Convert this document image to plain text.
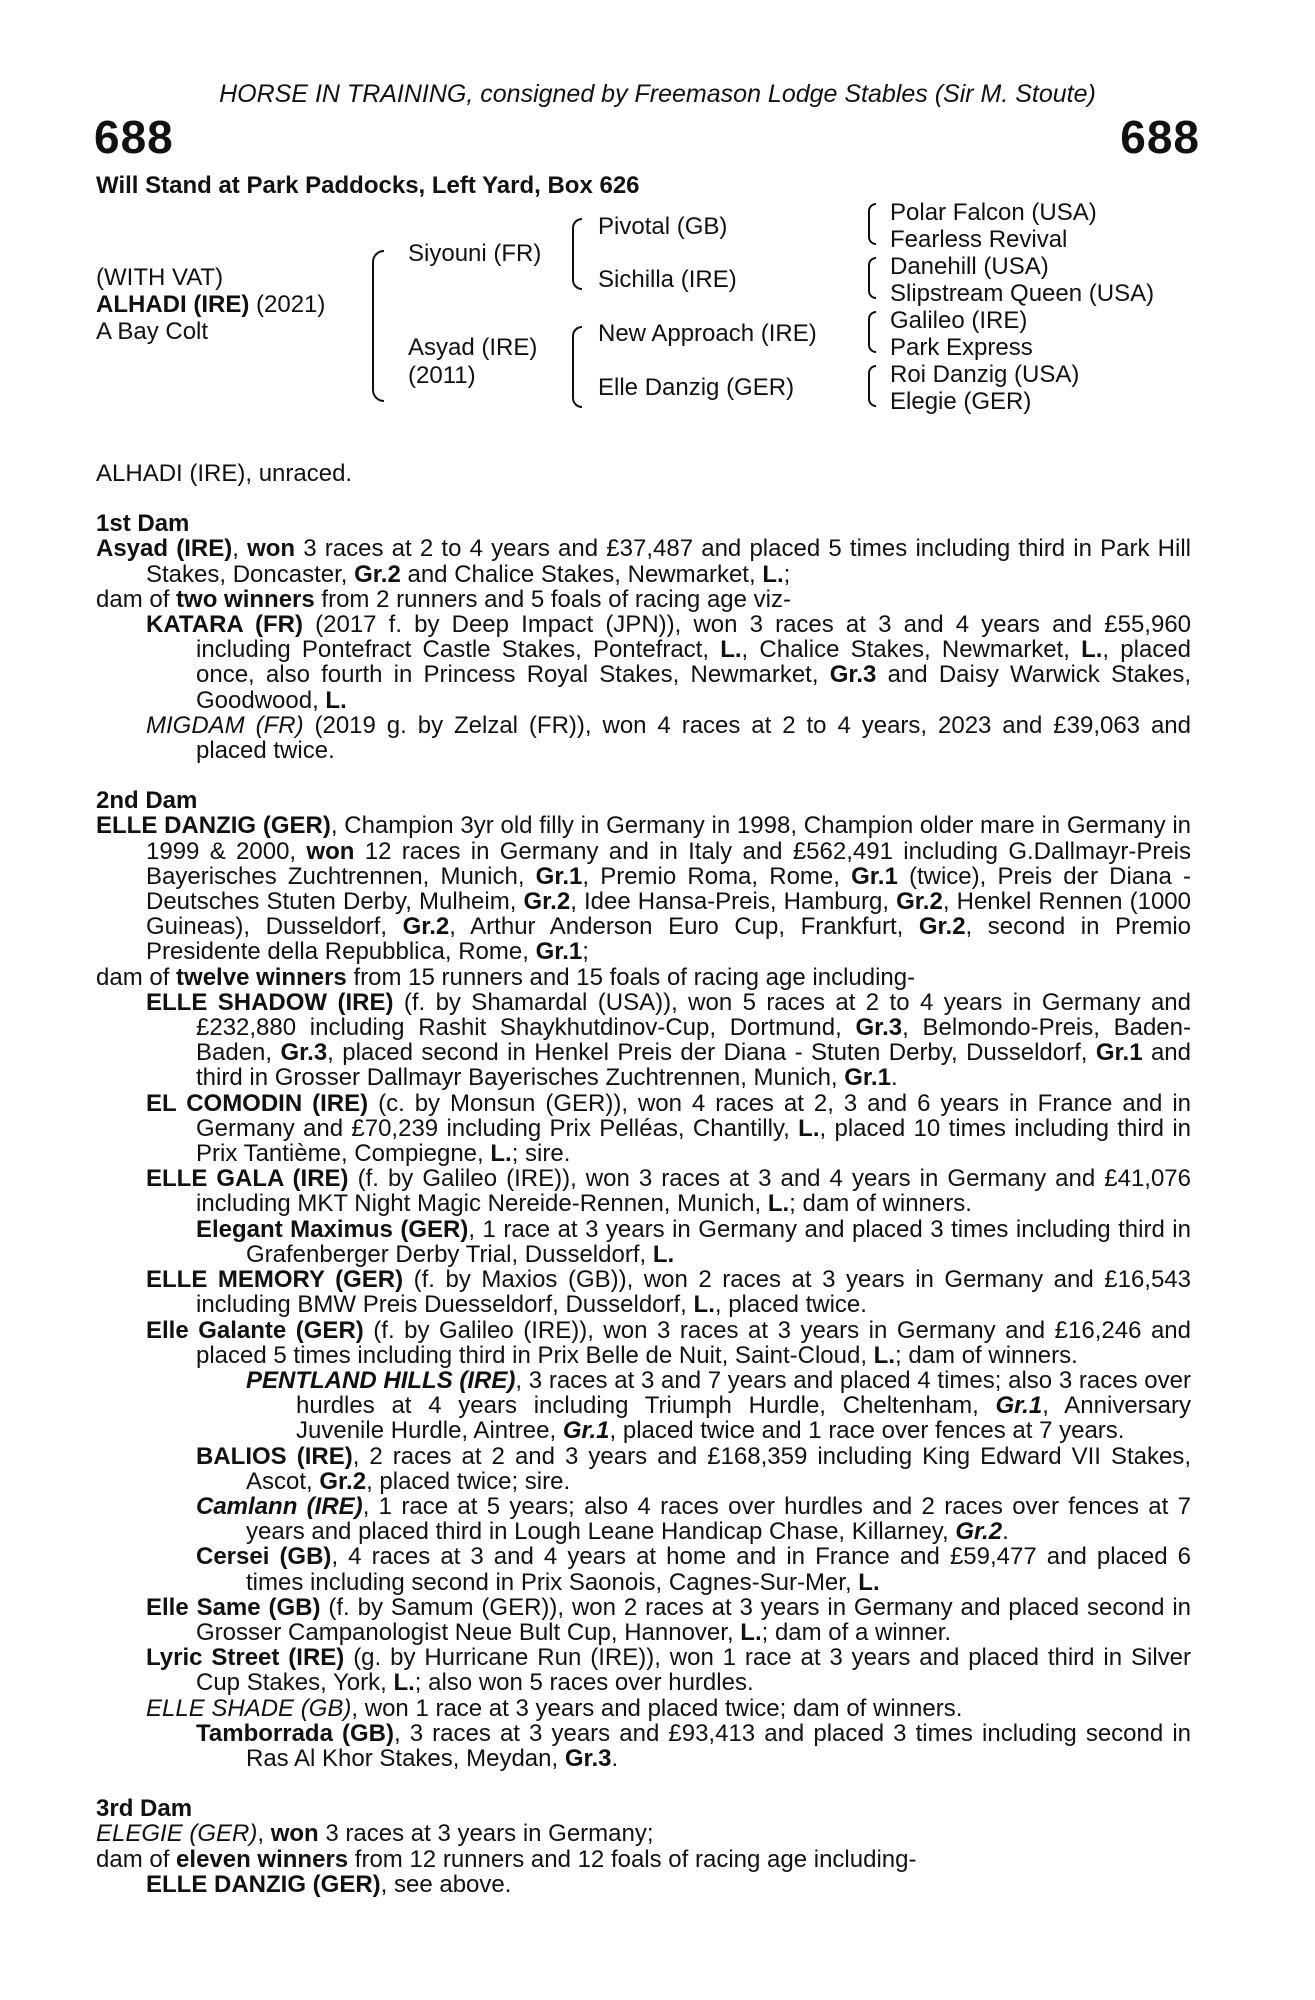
HORSE IN TRAINING, consigned by Freemason Lodge Stables (Sir M. Stoute)
688	688
Will Stand at Park Paddocks, Left Yard, Box 626
(WITH VAT)
ALHADI (IRE) (2021)
A Bay Colt
Siyouni (FR)
Asyad (IRE)
(2011)
Pivotal (GB)
Sichilla (IRE)
New Approach (IRE)
Elle Danzig (GER)
Polar Falcon (USA)
Fearless Revival
Danehill (USA)
Slipstream Queen (USA)
Galileo (IRE)
Park Express
Roi Danzig (USA)
Elegie (GER)

ALHADI (IRE), unraced.

1st Dam

Asyad (IRE), won 3 races at 2 to 4 years and £37,487 and placed 5 times including third in Park Hill Stakes, Doncaster, Gr.2 and Chalice Stakes, Newmarket, L.;

dam of two winners from 2 runners and 5 foals of racing age viz-

KATARA (FR) (2017 f. by Deep Impact (JPN)), won 3 races at 3 and 4 years and £55,960 including Pontefract Castle Stakes, Pontefract, L., Chalice Stakes, Newmarket, L., placed once, also fourth in Princess Royal Stakes, Newmarket, Gr.3 and Daisy Warwick Stakes, Goodwood, L.

MIGDAM (FR) (2019 g. by Zelzal (FR)), won 4 races at 2 to 4 years, 2023 and £39,063 and placed twice.

2nd Dam

ELLE DANZIG (GER), Champion 3yr old filly in Germany in 1998, Champion older mare in Germany in 1999 & 2000, won 12 races in Germany and in Italy and £562,491 including G.Dallmayr-Preis Bayerisches Zuchtrennen, Munich, Gr.1, Premio Roma, Rome, Gr.1 (twice), Preis der Diana - Deutsches Stuten Derby, Mulheim, Gr.2, Idee Hansa-Preis, Hamburg, Gr.2, Henkel Rennen (1000 Guineas), Dusseldorf, Gr.2, Arthur Anderson Euro Cup, Frankfurt, Gr.2, second in Premio Presidente della Repubblica, Rome, Gr.1;

dam of twelve winners from 15 runners and 15 foals of racing age including-

ELLE SHADOW (IRE) (f. by Shamardal (USA)), won 5 races at 2 to 4 years in Germany and £232,880 including Rashit Shaykhutdinov-Cup, Dortmund, Gr.3, Belmondo-Preis, Baden-Baden, Gr.3, placed second in Henkel Preis der Diana - Stuten Derby, Dusseldorf, Gr.1 and third in Grosser Dallmayr Bayerisches Zuchtrennen, Munich, Gr.1.

EL COMODIN (IRE) (c. by Monsun (GER)), won 4 races at 2, 3 and 6 years in France and in Germany and £70,239 including Prix Pelléas, Chantilly, L., placed 10 times including third in Prix Tantième, Compiegne, L.; sire.

ELLE GALA (IRE) (f. by Galileo (IRE)), won 3 races at 3 and 4 years in Germany and £41,076 including MKT Night Magic Nereide-Rennen, Munich, L.; dam of winners.

Elegant Maximus (GER), 1 race at 3 years in Germany and placed 3 times including third in Grafenberger Derby Trial, Dusseldorf, L.

ELLE MEMORY (GER) (f. by Maxios (GB)), won 2 races at 3 years in Germany and £16,543 including BMW Preis Duesseldorf, Dusseldorf, L., placed twice.

Elle Galante (GER) (f. by Galileo (IRE)), won 3 races at 3 years in Germany and £16,246 and placed 5 times including third in Prix Belle de Nuit, Saint-Cloud, L.; dam of winners.

PENTLAND HILLS (IRE), 3 races at 3 and 7 years and placed 4 times; also 3 races over hurdles at 4 years including Triumph Hurdle, Cheltenham, Gr.1, Anniversary Juvenile Hurdle, Aintree, Gr.1, placed twice and 1 race over fences at 7 years.

BALIOS (IRE), 2 races at 2 and 3 years and £168,359 including King Edward VII Stakes, Ascot, Gr.2, placed twice; sire.

Camlann (IRE), 1 race at 5 years; also 4 races over hurdles and 2 races over fences at 7 years and placed third in Lough Leane Handicap Chase, Killarney, Gr.2.

Cersei (GB), 4 races at 3 and 4 years at home and in France and £59,477 and placed 6 times including second in Prix Saonois, Cagnes-Sur-Mer, L.

Elle Same (GB) (f. by Samum (GER)), won 2 races at 3 years in Germany and placed second in Grosser Campanologist Neue Bult Cup, Hannover, L.; dam of a winner.

Lyric Street (IRE) (g. by Hurricane Run (IRE)), won 1 race at 3 years and placed third in Silver Cup Stakes, York, L.; also won 5 races over hurdles.

ELLE SHADE (GB), won 1 race at 3 years and placed twice; dam of winners.

Tamborrada (GB), 3 races at 3 years and £93,413 and placed 3 times including second in Ras Al Khor Stakes, Meydan, Gr.3.

3rd Dam

ELEGIE (GER), won 3 races at 3 years in Germany;

dam of eleven winners from 12 runners and 12 foals of racing age including-

ELLE DANZIG (GER), see above.
